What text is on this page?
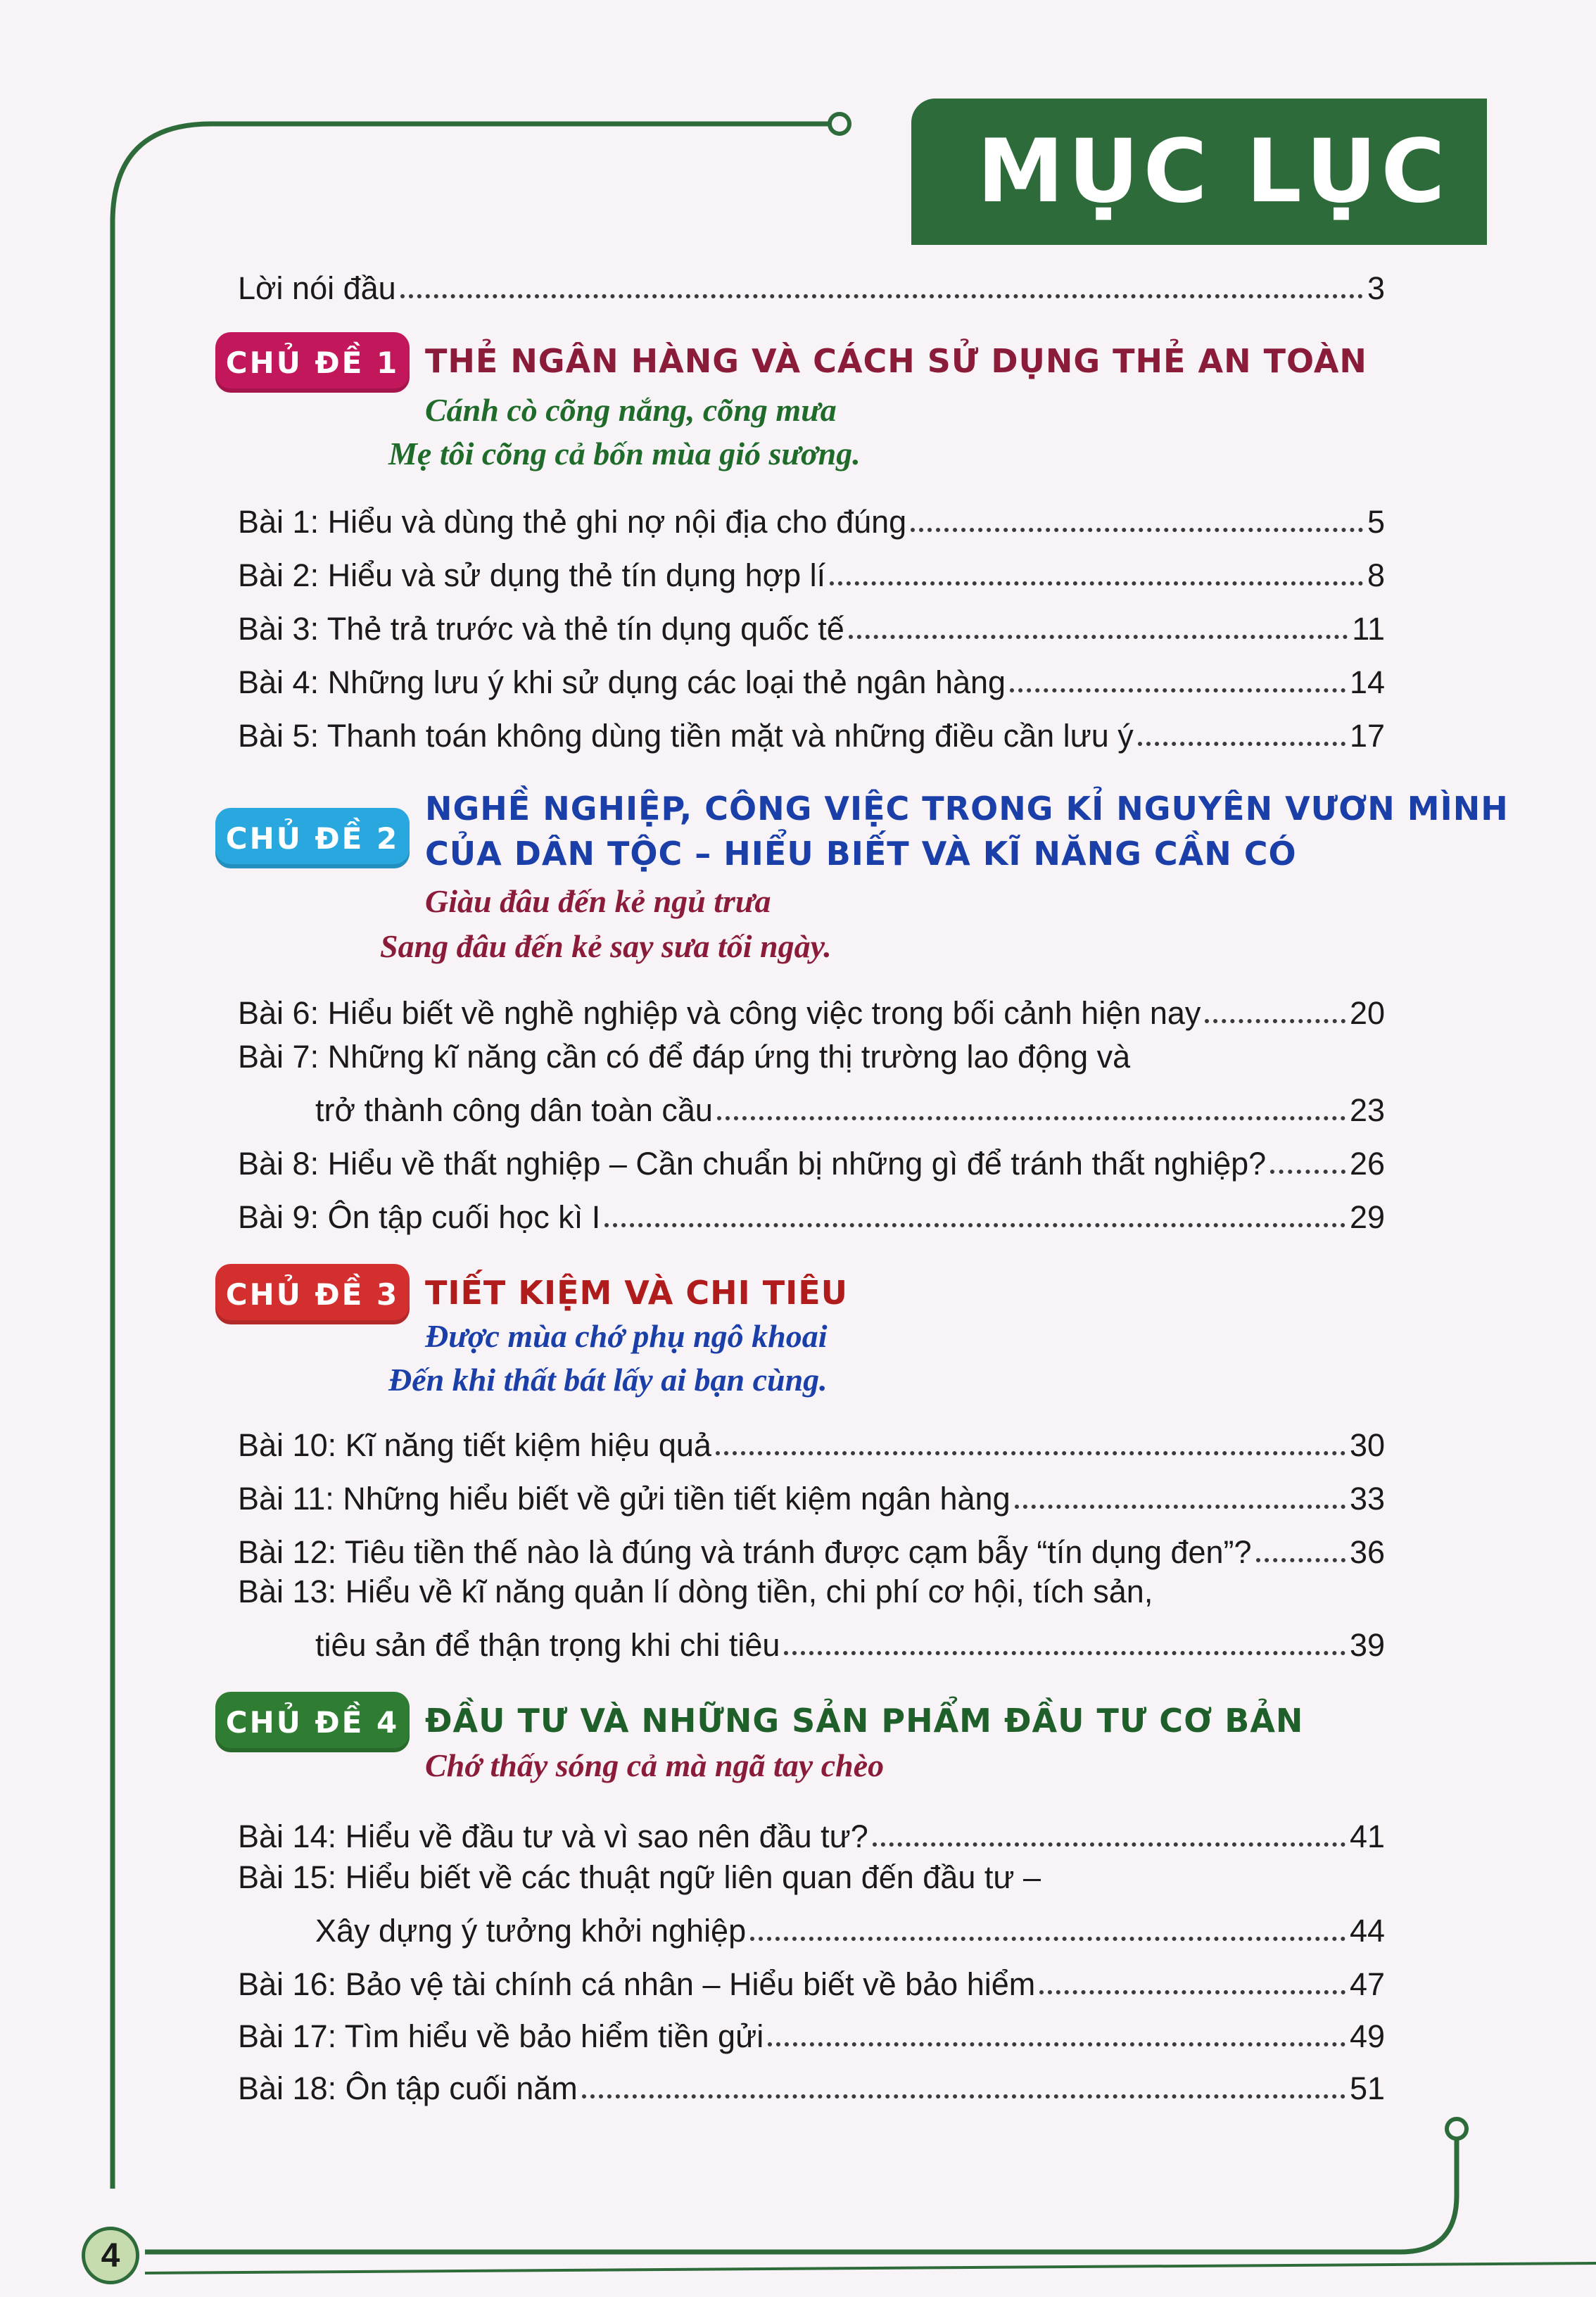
MỤC LỤC
Lời nói đầu	3
CHỦ ĐỀ 1 THẺ NGÂN HÀNG VÀ CÁCH SỬ DỤNG THẺ AN TOÀN
Cánh cò cõng nắng, cõng mưa
Mẹ tôi cõng cả bốn mùa gió sương.
Bài 1: Hiểu và dùng thẻ ghi nợ nội địa cho đúng	5
Bài 2: Hiểu và sử dụng thẻ tín dụng hợp lí	8
Bài 3: Thẻ trả trước và thẻ tín dụng quốc tế	11
Bài 4: Những lưu ý khi sử dụng các loại thẻ ngân hàng	14
Bài 5: Thanh toán không dùng tiền mặt và những điều cần lưu ý	17
CHỦ ĐỀ 2
NGHỀ NGHIỆP, CÔNG VIỆC TRONG KỈ NGUYÊN VƯƠN MÌNH
CỦA DÂN TỘC – HIỂU BIẾT VÀ KĨ NĂNG CẦN CÓ
Giàu đâu đến kẻ ngủ trưa
Sang đâu đến kẻ say sưa tối ngày.
Bài 6: Hiểu biết về nghề nghiệp và công việc trong bối cảnh hiện nay	20
Bài 7: Những kĩ năng cần có để đáp ứng thị trường lao động và
trở thành công dân toàn cầu	23
Bài 8: Hiểu về thất nghiệp – Cần chuẩn bị những gì để tránh thất nghiệp?	26
Bài 9: Ôn tập cuối học kì I	29
CHỦ ĐỀ 3 TIẾT KIỆM VÀ CHI TIÊU
Được mùa chớ phụ ngô khoai
Đến khi thất bát lấy ai bạn cùng.
Bài 10: Kĩ năng tiết kiệm hiệu quả	30
Bài 11: Những hiểu biết về gửi tiền tiết kiệm ngân hàng	33
Bài 12: Tiêu tiền thế nào là đúng và tránh được cạm bẫy “tín dụng đen”?	36
Bài 13: Hiểu về kĩ năng quản lí dòng tiền, chi phí cơ hội, tích sản,
tiêu sản để thận trọng khi chi tiêu	39
CHỦ ĐỀ 4 ĐẦU TƯ VÀ NHỮNG SẢN PHẨM ĐẦU TƯ CƠ BẢN
Chớ thấy sóng cả mà ngã tay chèo
Bài 14: Hiểu về đầu tư và vì sao nên đầu tư?	41
Bài 15: Hiểu biết về các thuật ngữ liên quan đến đầu tư –
Xây dựng ý tưởng khởi nghiệp	44
Bài 16: Bảo vệ tài chính cá nhân – Hiểu biết về bảo hiểm	47
Bài 17: Tìm hiểu về bảo hiểm tiền gửi	49
Bài 18: Ôn tập cuối năm	51
4
